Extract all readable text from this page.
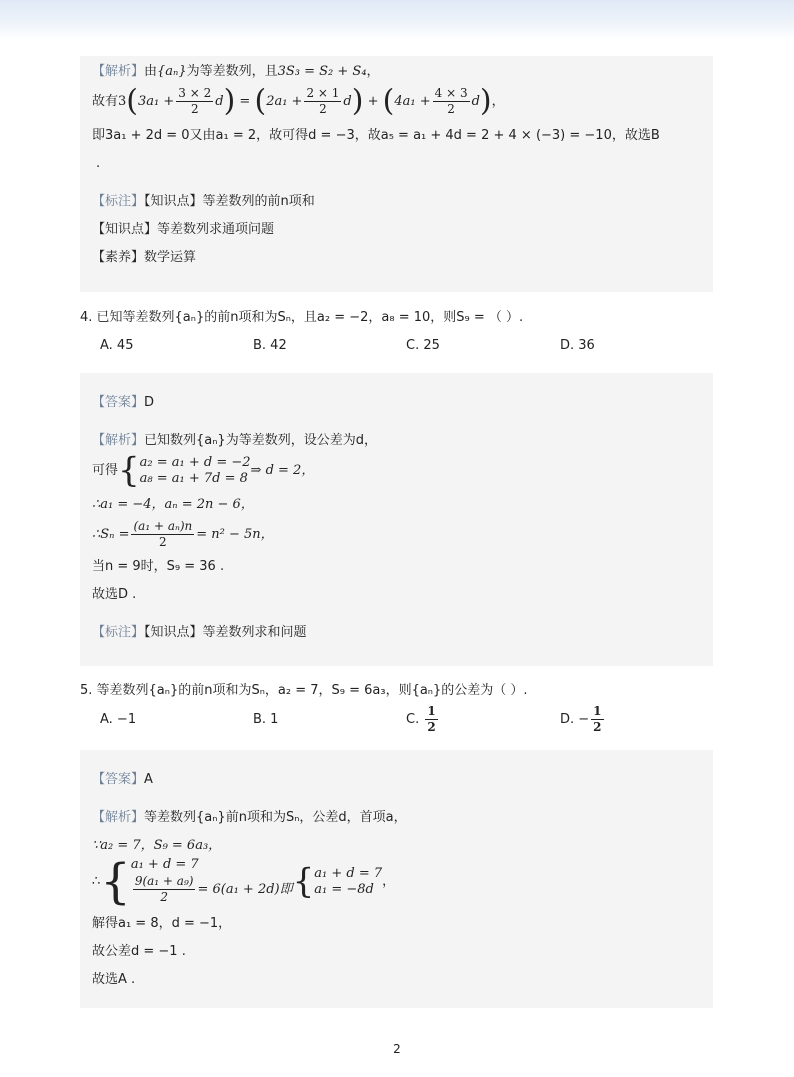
【解析】由{aₙ}为等差数列，且3S₃ = S₂ + S₄，
故有$3(3a_1 + \frac{3 \times 2}{2} d) = (2a_1 + \frac{2 \times 1}{2} d) + (4a_1 + \frac{4 \times 3}{2} d)$，
即3a₁ + 2d = 0又由a₁ = 2，故可得d = −3，故a₅ = a₁ + 4d = 2 + 4 × (−3) = −10，故选B
.
【标注】【知识点】等差数列的前n项和
【知识点】等差数列求通项问题
【素养】数学运算
4. 已知等差数列{aₙ}的前n项和为Sₙ，且a₂ = −2，a₈ = 10，则S₉ = （ ）.
A. 45	B. 42	C. 25	D. 36
【答案】D
【解析】已知数列{aₙ}为等差数列，设公差为d，
可得{ a₂ = a₁ + d = −2
a₈ = a₁ + 7d = 8 ⇒ d = 2，
∴a₁ = −4，aₙ = 2n − 6，
∴Sₙ = $\frac{\text{(a₁ + aₙ)n}}{2} = n^2 - 5n$，
当n = 9时，S₉ = 36 .
故选D .
【标注】【知识点】等差数列求和问题
5. 等差数列{aₙ}的前n项和为Sₙ，a₂ = 7，S₉ = 6a₃，则{aₙ}的公差为（ ）.
A. −1	B. 1	C. $\frac{1}{2}$	D. − $\frac{1}{2}$
【答案】A
【解析】等差数列{aₙ}前n项和为Sₙ，公差d，首项a，
∵a₂ = 7，S₉ = 6a₃，
∴{ a₁ + d = 7
$\frac{\text{9(a₁ + a₉)}}{2} = 6(a_1 + 2d)$即 { a₁ + d = 7
a₁ = −8d ，
解得a₁ = 8，d = −1，
故公差d = −1 .
故选A .
2
